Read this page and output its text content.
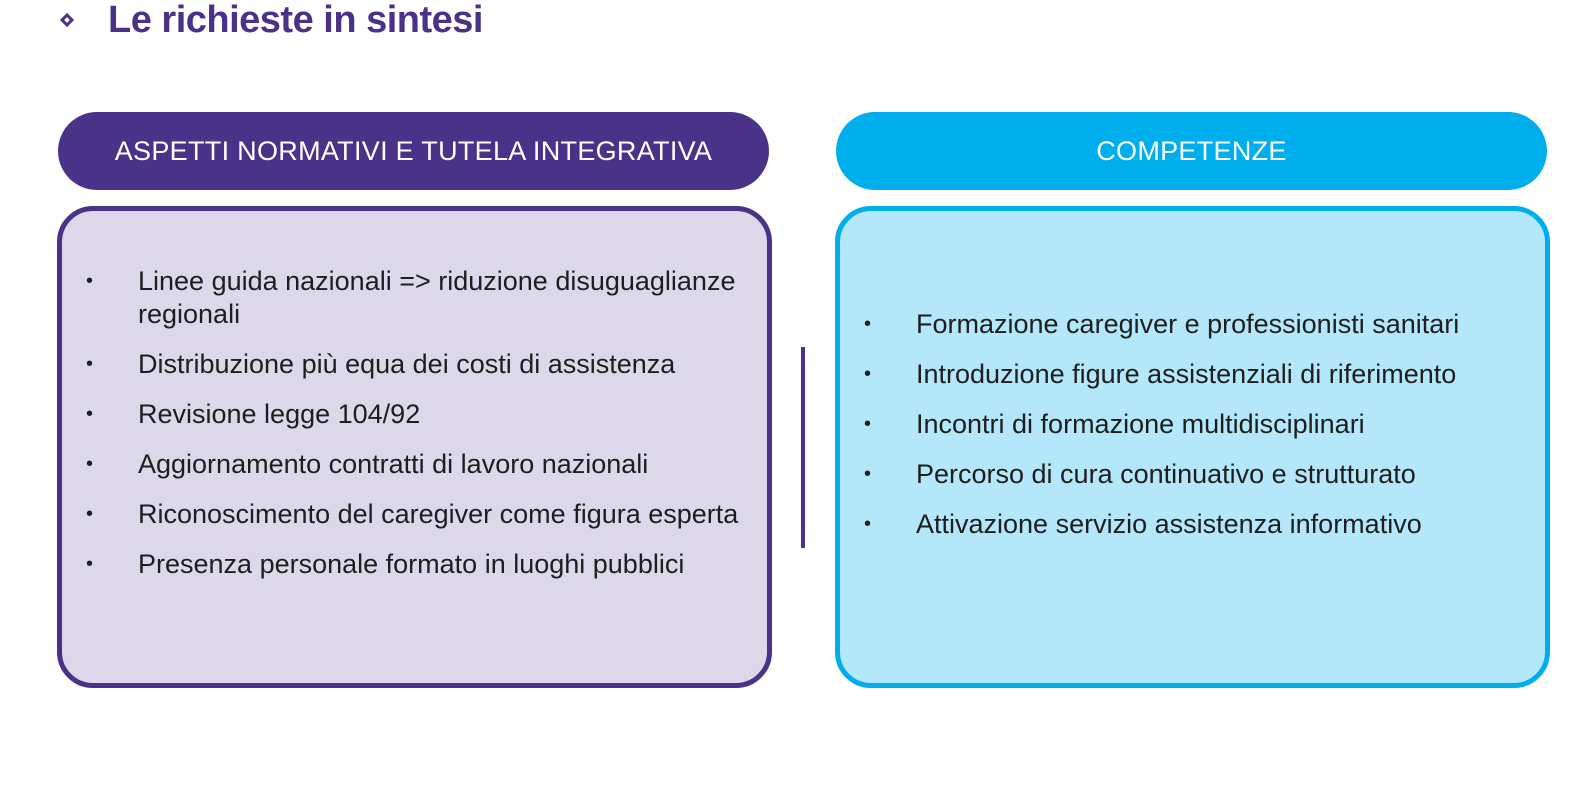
Le richieste in sintesi
ASPETTI NORMATIVI E TUTELA INTEGRATIVA	COMPETENZE
• Linee guida nazionali => riduzione disuguaglianze regionali
• Distribuzione più equa dei costi di assistenza
• Revisione legge 104/92
• Aggiornamento contratti di lavoro nazionali
• Riconoscimento del caregiver come figura esperta
• Presenza personale formato in luoghi pubblici
• Formazione caregiver e professionisti sanitari
• Introduzione figure assistenziali di riferimento
• Incontri di formazione multidisciplinari
• Percorso di cura continuativo e strutturato
• Attivazione servizio assistenza informativo
